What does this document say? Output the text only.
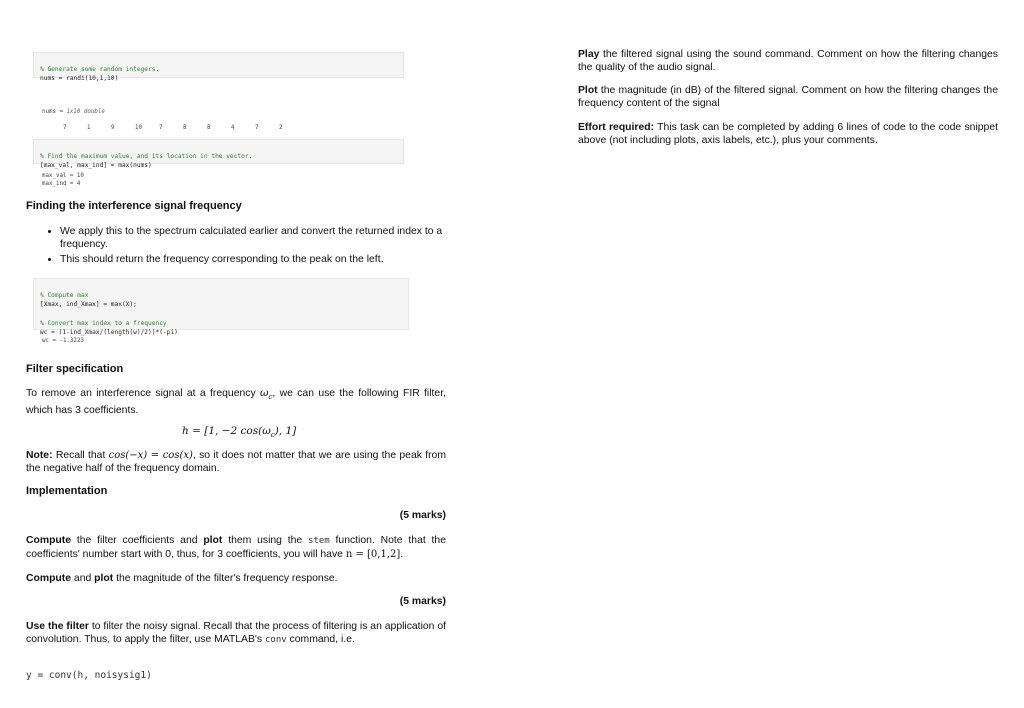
% Generate some random integers.
nums = randi(10,1,10)
nums = 1x10 double
7	1	9	10	7	8	8	4	7	2

% Find the maximum value, and its location in the vector.
[max_val, max_ind] = max(nums)
max_val = 10
max_ind = 4
Finding the interference signal frequency
• We apply this to the spectrum calculated earlier and convert the returned index to a frequency.
• This should return the frequency corresponding to the peak on the left.

% Compute max
[Xmax, ind_Xmax] = max(X);

% Convert max index to a frequency
wc = (1-ind_Xmax/(length(w)/2))*(-pi)
wc = -1.3223
Filter specification
To remove an interference signal at a frequency $\omega_c$, we can use the following FIR filter, which has 3 coefficients.
h = [1, −2 $\cos(\omega_c)$, 1]
Note: Recall that cos(−x) = cos(x), so it does not matter that we are using the peak from the negative half of the frequency domain.
Implementation
(5 marks)
Compute the filter coefficients and plot them using the stem function. Note that the coefficients' number start with 0, thus, for 3 coefficients, you will have n = [0,1,2].
Compute and plot the magnitude of the filter's frequency response.
(5 marks)
Use the filter to filter the noisy signal. Recall that the process of filtering is an application of convolution. Thus, to apply the filter, use MATLAB's conv command, i.e.
y = conv(h, noisysig1)
Play the filtered signal using the sound command. Comment on how the filtering changes the quality of the audio signal.
Plot the magnitude (in dB) of the filtered signal. Comment on how the filtering changes the frequency content of the signal
Effort required: This task can be completed by adding 6 lines of code to the code snippet above (not including plots, axis labels, etc.), plus your comments.
